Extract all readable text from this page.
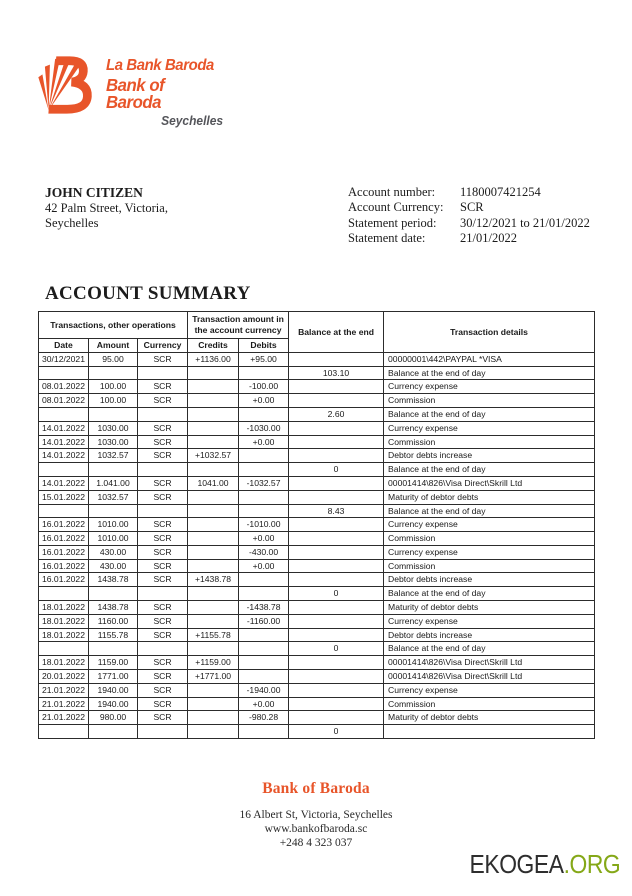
La Bank Baroda
Bank of Baroda
Seychelles
JOHN CITIZEN
42 Palm Street, Victoria,
Seychelles
Account number:	1180007421254
Account Currency:	SCR
Statement period:	30/12/2021 to 21/01/2022
Statement date:	21/01/2022
ACCOUNT SUMMARY
Transactions, other operations			Transaction amount in the account currency		Balance at the end	Transaction details
Date	Amount	Currency	Credits	Debits		
30/12/2021	95.00	SCR	+1136.00	+95.00		00000001\442\PAYPAL *VISA
					103.10	Balance at the end of day
08.01.2022	100.00	SCR		-100.00		Currency expense
08.01.2022	100.00	SCR		+0.00		Commission
					2.60	Balance at the end of day
14.01.2022	1030.00	SCR		-1030.00		Currency expense
14.01.2022	1030.00	SCR		+0.00		Commission
14.01.2022	1032.57	SCR	+1032.57			Debtor debts increase
					0	Balance at the end of day
14.01.2022	1.041.00	SCR	1041.00	-1032.57		00001414\826\Visa Direct\Skrill Ltd
15.01.2022	1032.57	SCR				Maturity of debtor debts
					8.43	Balance at the end of day
16.01.2022	1010.00	SCR		-1010.00		Currency expense
16.01.2022	1010.00	SCR		+0.00		Commission
16.01.2022	430.00	SCR		-430.00		Currency expense
16.01.2022	430.00	SCR		+0.00		Commission
16.01.2022	1438.78	SCR	+1438.78			Debtor debts increase
					0	Balance at the end of day
18.01.2022	1438.78	SCR		-1438.78		Maturity of debtor debts
18.01.2022	1160.00	SCR		-1160.00		Currency expense
18.01.2022	1155.78	SCR	+1155.78			Debtor debts increase
					0	Balance at the end of day
18.01.2022	1159.00	SCR	+1159.00			00001414\826\Visa Direct\Skrill Ltd
20.01.2022	1771.00	SCR	+1771.00			00001414\826\Visa Direct\Skrill Ltd
21.01.2022	1940.00	SCR		-1940.00		Currency expense
21.01.2022	1940.00	SCR		+0.00		Commission
21.01.2022	980.00	SCR		-980.28		Maturity of debtor debts
					0	
Bank of Baroda
16 Albert St, Victoria, Seychelles
www.bankofbaroda.sc
+248 4 323 037
EKOGEA.ORG
